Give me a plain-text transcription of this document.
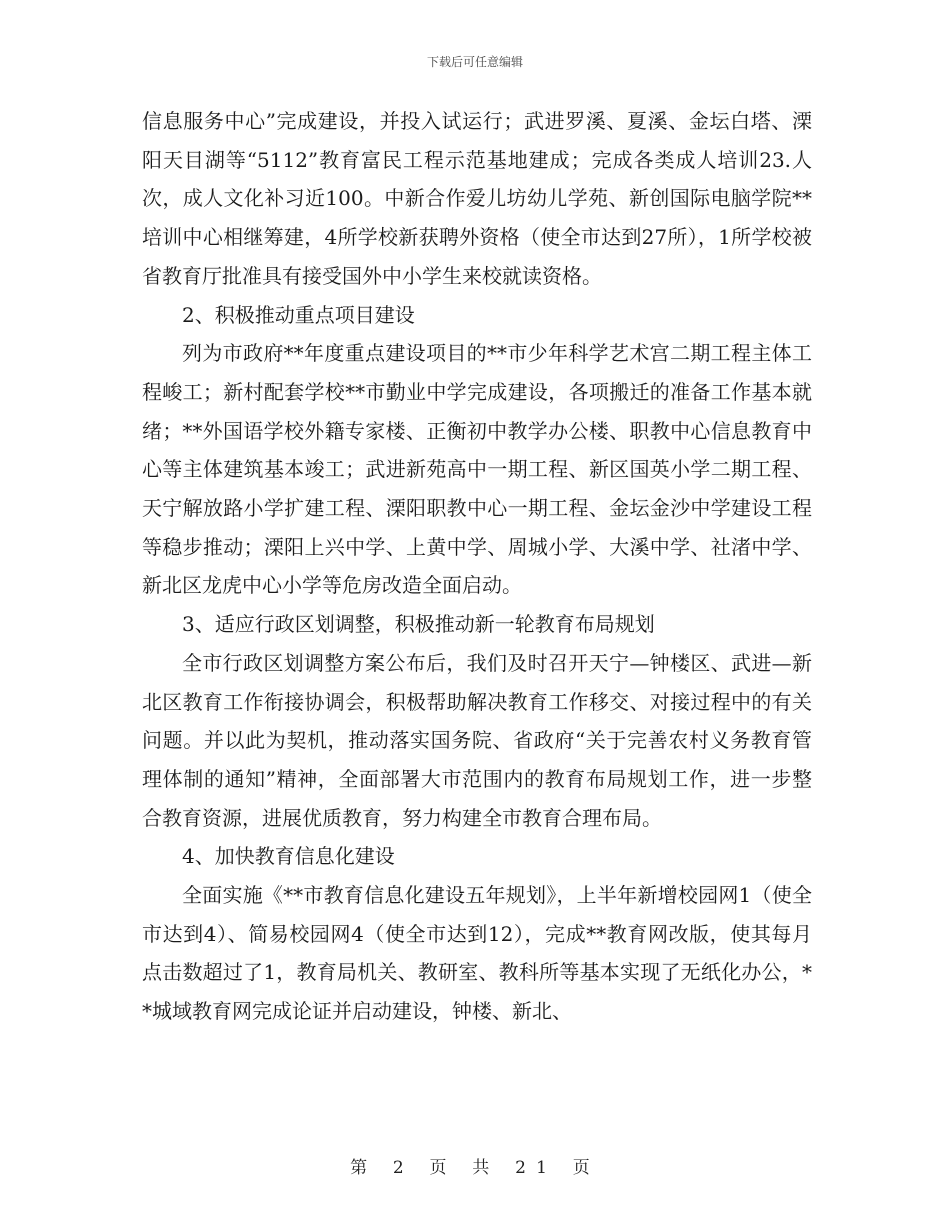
下载后可任意编辑

信息服务中心”完成建设，并投入试运行；武进罗溪、夏溪、金坛白塔、溧阳天目湖等“5112”教育富民工程示范基地建成；完成各类成人培训23.人次，成人文化补习近100。中新合作爱儿坊幼儿学苑、新创国际电脑学院**培训中心相继筹建，4所学校新获聘外资格（使全市达到27所），1所学校被省教育厅批准具有接受国外中小学生来校就读资格。

2、积极推动重点项目建设

列为市政府**年度重点建设项目的**市少年科学艺术宫二期工程主体工程峻工；新村配套学校**市勤业中学完成建设，各项搬迁的准备工作基本就绪；**外国语学校外籍专家楼、正衡初中教学办公楼、职教中心信息教育中心等主体建筑基本竣工；武进新苑高中一期工程、新区国英小学二期工程、天宁解放路小学扩建工程、溧阳职教中心一期工程、金坛金沙中学建设工程等稳步推动；溧阳上兴中学、上黄中学、周城小学、大溪中学、社渚中学、新北区龙虎中心小学等危房改造全面启动。

3、适应行政区划调整，积极推动新一轮教育布局规划

全市行政区划调整方案公布后，我们及时召开天宁—钟楼区、武进—新北区教育工作衔接协调会，积极帮助解决教育工作移交、对接过程中的有关问题。并以此为契机，推动落实国务院、省政府“关于完善农村义务教育管理体制的通知”精神，全面部署大市范围内的教育布局规划工作，进一步整合教育资源，进展优质教育，努力构建全市教育合理布局。

4、加快教育信息化建设

全面实施《**市教育信息化建设五年规划》，上半年新增校园网1（使全市达到4）、简易校园网4（使全市达到12），完成**教育网改版，使其每月点击数超过了1，教育局机关、教研室、教科所等基本实现了无纸化办公，**城域教育网完成论证并启动建设，钟楼、新北、

第 2 页 共 21 页
